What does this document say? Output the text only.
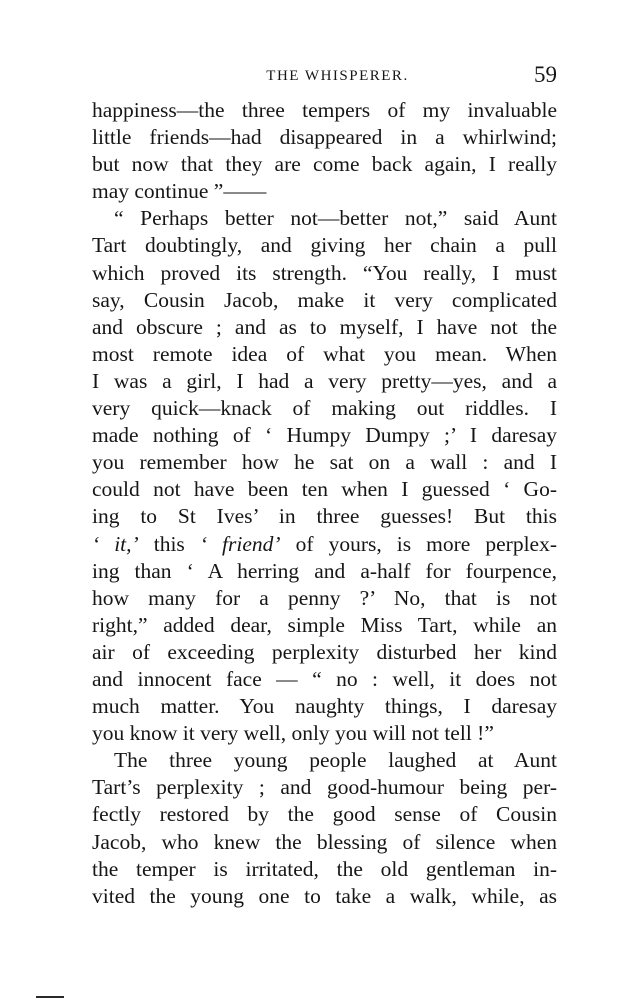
THE WHISPERER.	59
happiness—the three tempers of my invaluable
little friends—had disappeared in a whirlwind;
but now that they are come back again, I really
may continue ”——
“ Perhaps better not—better not,” said Aunt
Tart doubtingly, and giving her chain a pull
which proved its strength. “You really, I must
say, Cousin Jacob, make it very complicated
and obscure ; and as to myself, I have not the
most remote idea of what you mean. When
I was a girl, I had a very pretty—yes, and a
very quick—knack of making out riddles. I
made nothing of ‘ Humpy Dumpy ;’ I daresay
you remember how he sat on a wall : and I
could not have been ten when I guessed ‘ Go-
ing to St Ives’ in three guesses! But this
‘ it,’ this ‘ friend’ of yours, is more perplex-
ing than ‘ A herring and a-half for fourpence,
how many for a penny ?’ No, that is not
right,” added dear, simple Miss Tart, while an
air of exceeding perplexity disturbed her kind
and innocent face — “ no : well, it does not
much matter. You naughty things, I daresay
you know it very well, only you will not tell !”
The three young people laughed at Aunt
Tart’s perplexity ; and good-humour being per-
fectly restored by the good sense of Cousin
Jacob, who knew the blessing of silence when
the temper is irritated, the old gentleman in-
vited the young one to take a walk, while, as
